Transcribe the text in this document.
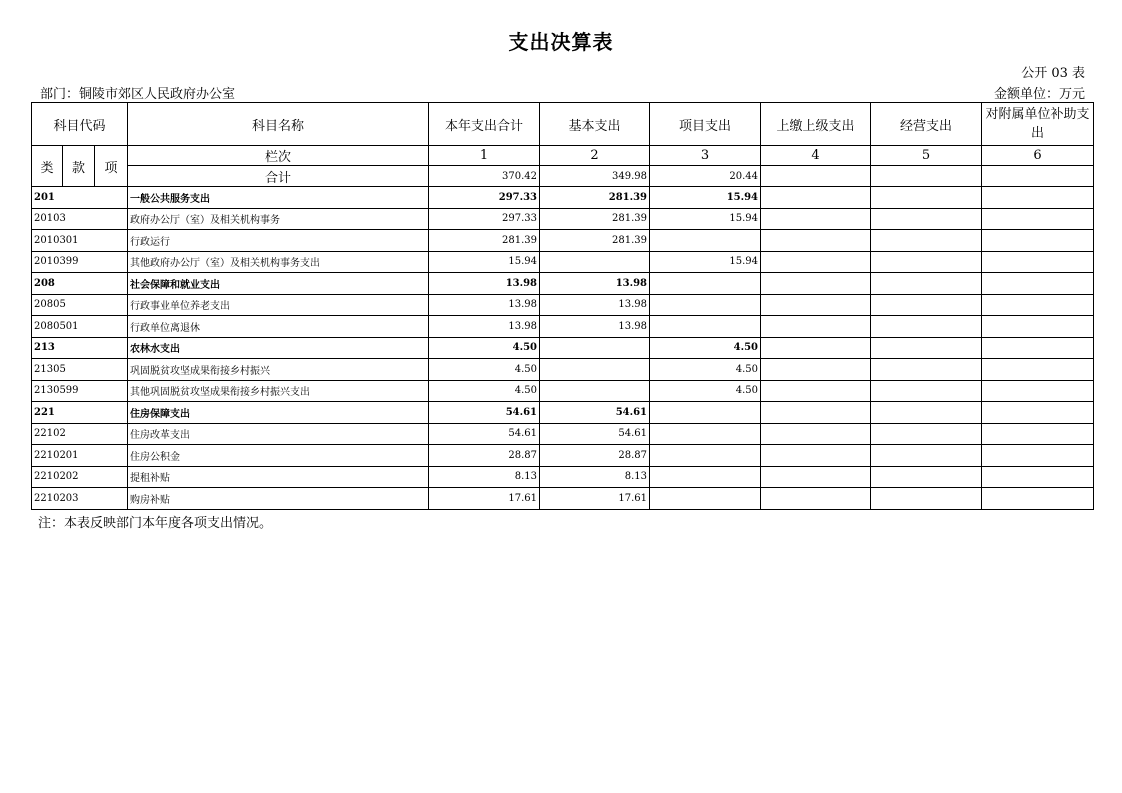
支出决算表
公开 03 表
部门：铜陵市郊区人民政府办公室	金额单位：万元
科目代码			科目名称	本年支出合计	基本支出	项目支出	上缴上级支出	经营支出	对附属单位补助支出
类	款	项	栏次	1	2	3	4	5	6
			合计	370.42	349.98	20.44			
201			一般公共服务支出	297.33	281.39	15.94			
20103			政府办公厅（室）及相关机构事务	297.33	281.39	15.94			
2010301			行政运行	281.39	281.39				
2010399			其他政府办公厅（室）及相关机构事务支出	15.94		15.94			
208			社会保障和就业支出	13.98	13.98				
20805			行政事业单位养老支出	13.98	13.98				
2080501			行政单位离退休	13.98	13.98				
213			农林水支出	4.50		4.50			
21305			巩固脱贫攻坚成果衔接乡村振兴	4.50		4.50			
2130599			其他巩固脱贫攻坚成果衔接乡村振兴支出	4.50		4.50			
221			住房保障支出	54.61	54.61				
22102			住房改革支出	54.61	54.61				
2210201			住房公积金	28.87	28.87				
2210202			提租补贴	8.13	8.13				
2210203			购房补贴	17.61	17.61				
注：本表反映部门本年度各项支出情况。
